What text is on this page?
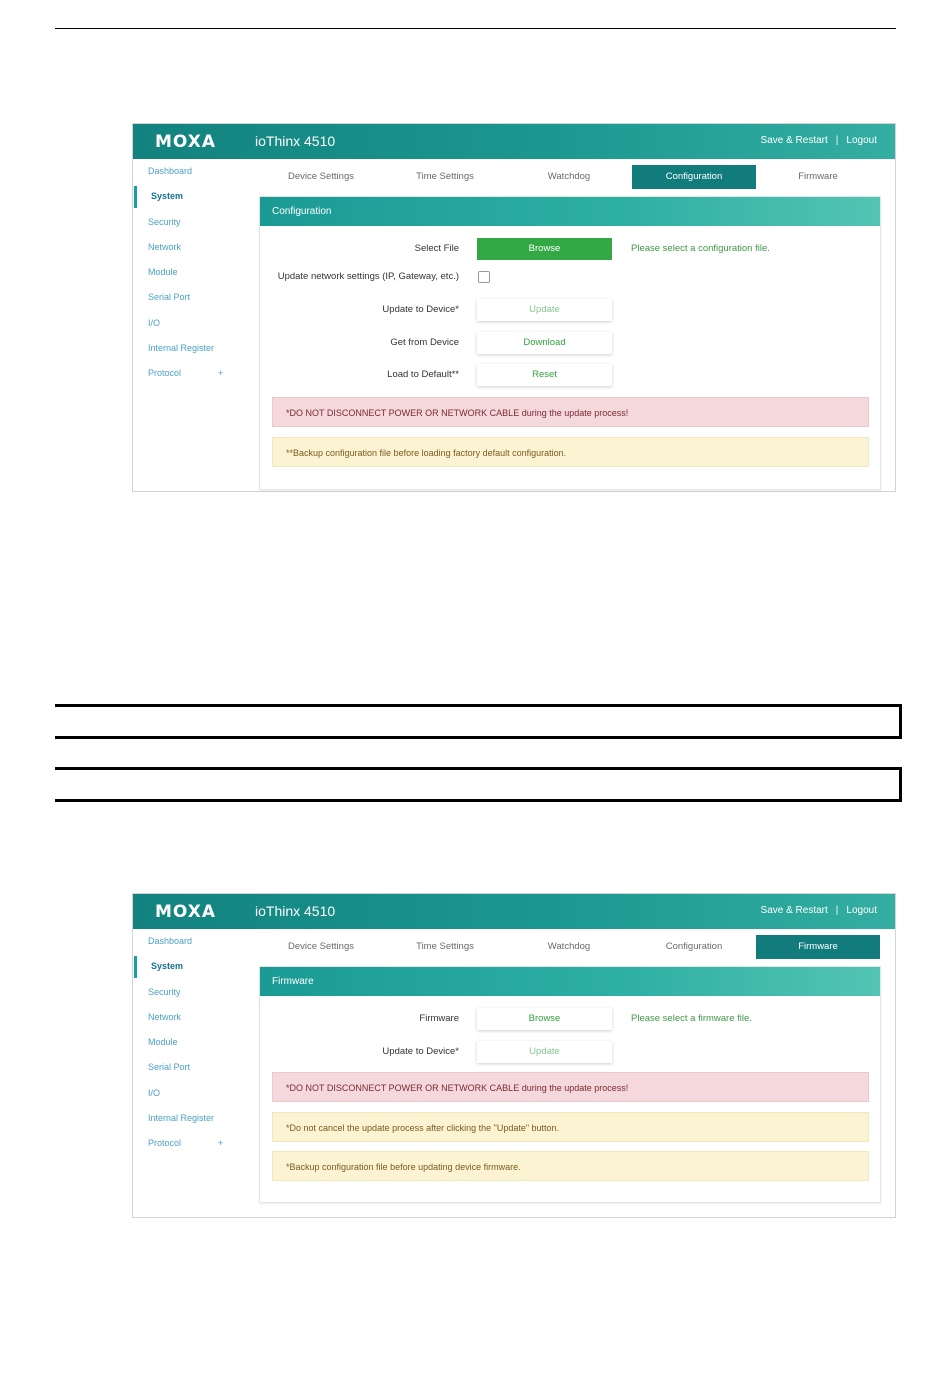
MOXA	ioThinx 4510	Save & Restart | Logout
Dashboard
System
Security
Network
Module
Serial Port
I/O
Internal Register
Protocol	+
Device Settings	Time Settings	Watchdog	Configuration	Firmware
Configuration
Select File	Browse	Please select a configuration file.
Update network settings (IP, Gateway, etc.)
Update to Device*	Update
Get from Device	Download
Load to Default**	Reset
*DO NOT DISCONNECT POWER OR NETWORK CABLE during the update process!
**Backup configuration file before loading factory default configuration.
MOXA	ioThinx 4510	Save & Restart | Logout
Dashboard
System
Security
Network
Module
Serial Port
I/O
Internal Register
Protocol	+
Device Settings	Time Settings	Watchdog	Configuration	Firmware
Firmware
Firmware	Browse	Please select a firmware file.
Update to Device*	Update
*DO NOT DISCONNECT POWER OR NETWORK CABLE during the update process!
*Do not cancel the update process after clicking the "Update" button.
*Backup configuration file before updating device firmware.
